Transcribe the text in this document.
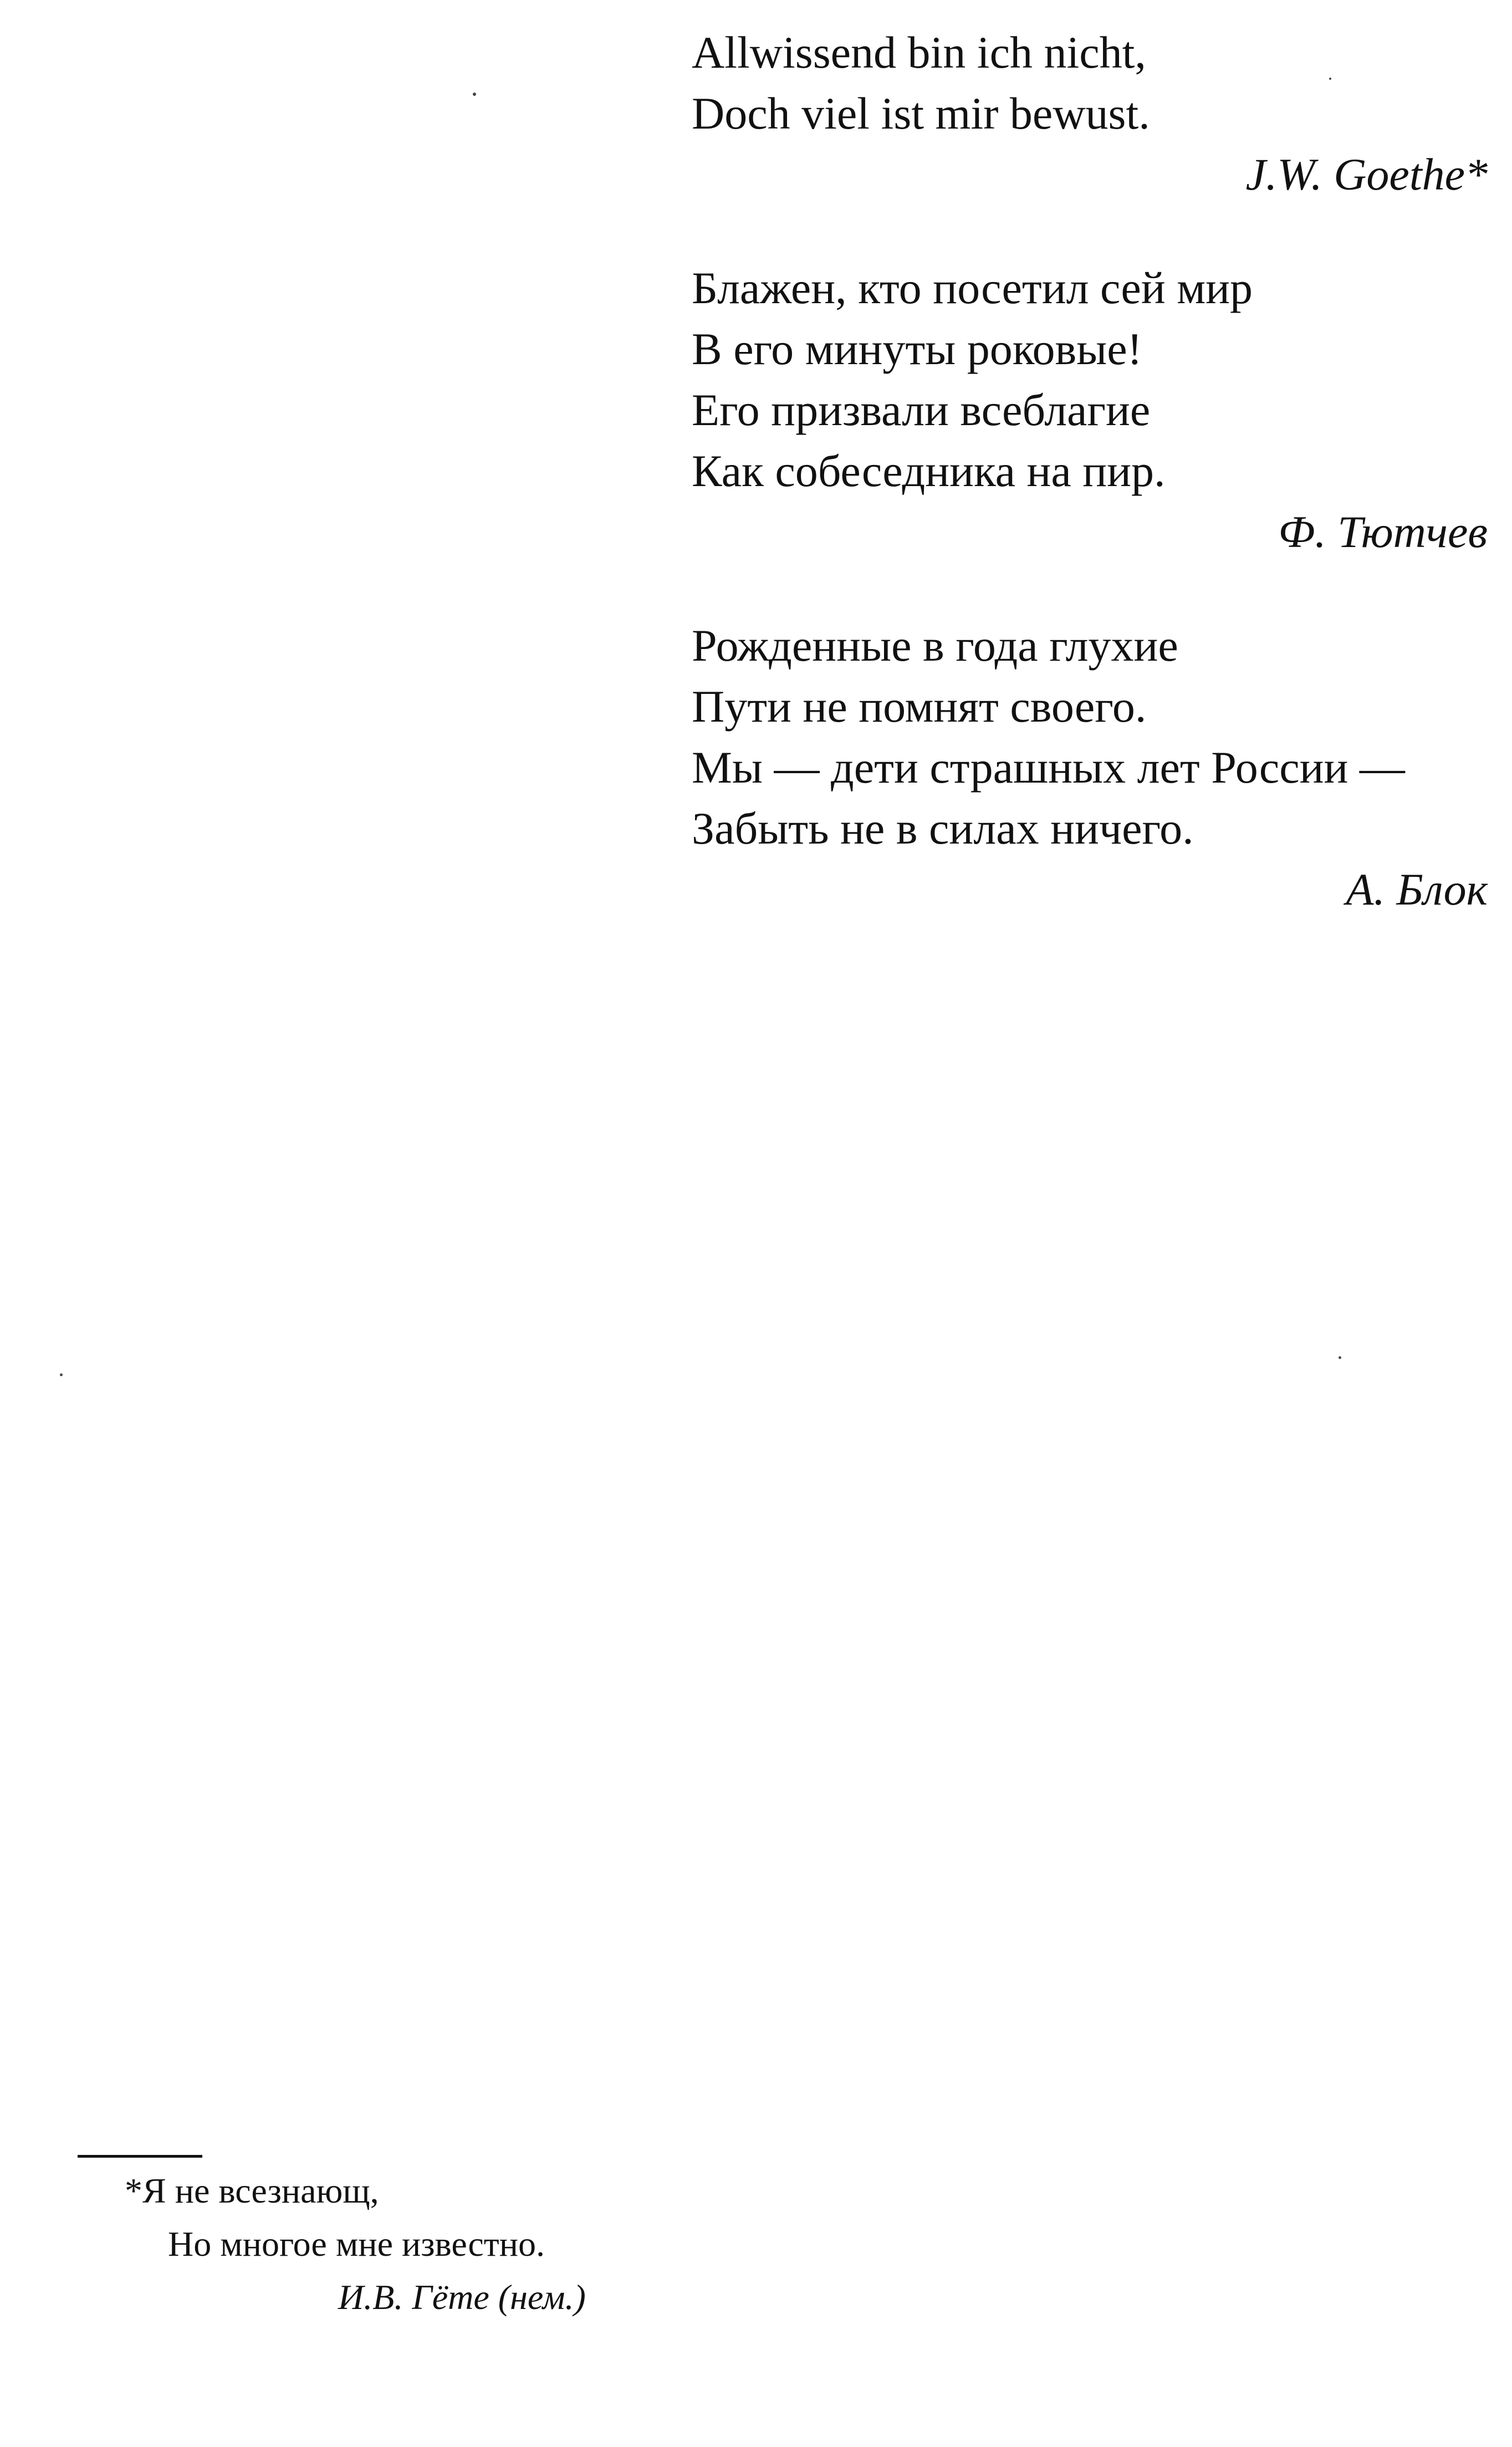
Allwissend bin ich nicht,
Doch viel ist mir bewust.
J.W. Goethe*
Блажен, кто посетил сей мир
В его минуты роковые!
Его призвали всеблагие
Как собеседника на пир.
Ф. Тютчев
Рожденные в года глухие
Пути не помнят своего.
Мы — дети страшных лет России —
Забыть не в силах ничего.
А. Блок
*Я не всезнающ,
Но многое мне известно.
И.В. Гёте (нем.)
